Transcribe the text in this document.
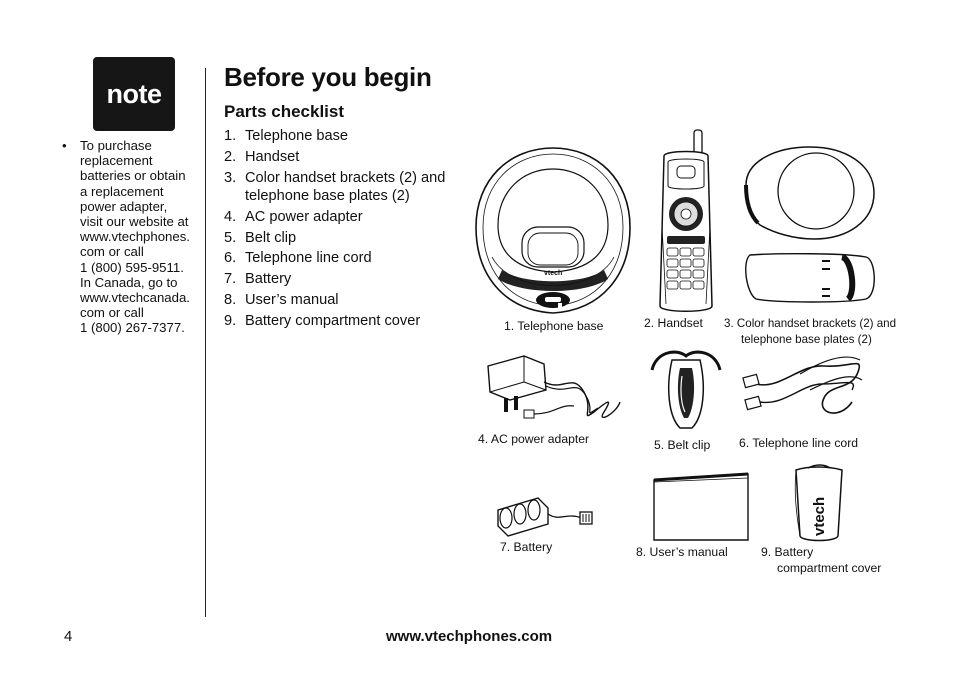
note
• To purchase
replacement
batteries or obtain
a replacement
power adapter,
visit our website at
www.vtechphones.
com or call
1 (800) 595-9511.
In Canada, go to
www.vtechcanada.
com or call
1 (800) 267-7377.
Before you begin
Parts checklist
1. Telephone base
2. Handset
3. Color handset brackets (2) and telephone base plates (2)
4. AC power adapter
5. Belt clip
6. Telephone line cord
7. Battery
8. User’s manual
9. Battery compartment cover
vtech
1. Telephone base	2. Handset 3. Color handset brackets (2) and
telephone base plates (2)
4. AC power adapter	5. Belt clip 6. Telephone line cord
7. Battery	8. User’s manual
vtech
9. Battery
compartment cover
4	www.vtechphones.com
